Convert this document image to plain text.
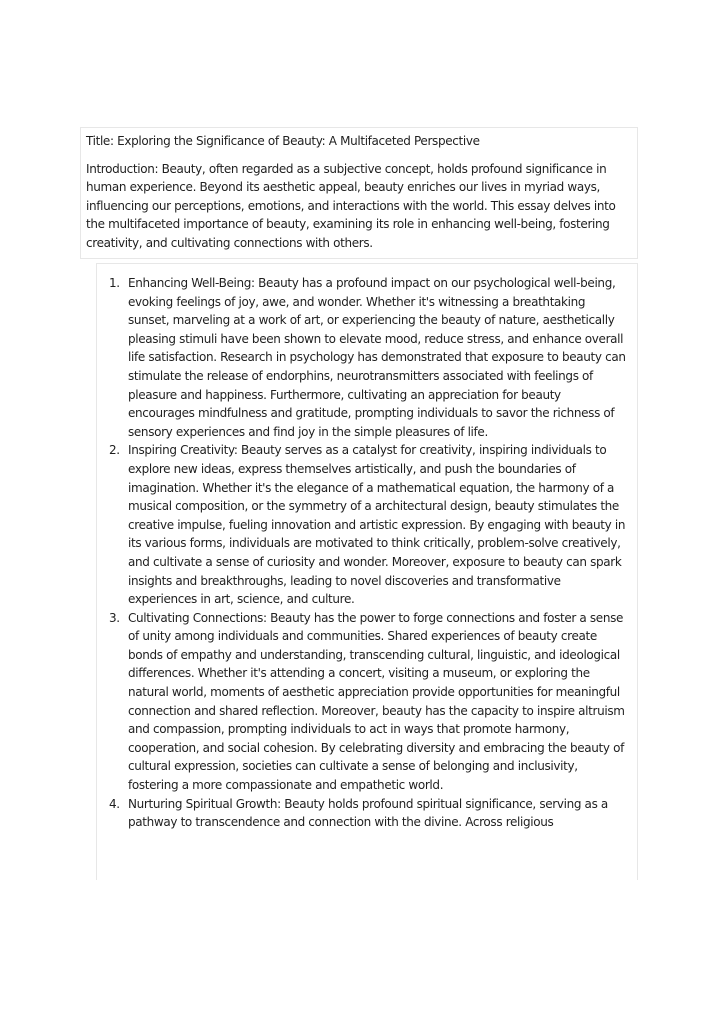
Title: Exploring the Significance of Beauty: A Multifaceted Perspective

Introduction: Beauty, often regarded as a subjective concept, holds profound significance in human experience. Beyond its aesthetic appeal, beauty enriches our lives in myriad ways, influencing our perceptions, emotions, and interactions with the world. This essay delves into the multifaceted importance of beauty, examining its role in enhancing well-being, fostering creativity, and cultivating connections with others.

1. Enhancing Well-Being: Beauty has a profound impact on our psychological well-being, evoking feelings of joy, awe, and wonder. Whether it's witnessing a breathtaking sunset, marveling at a work of art, or experiencing the beauty of nature, aesthetically pleasing stimuli have been shown to elevate mood, reduce stress, and enhance overall life satisfaction. Research in psychology has demonstrated that exposure to beauty can stimulate the release of endorphins, neurotransmitters associated with feelings of pleasure and happiness. Furthermore, cultivating an appreciation for beauty encourages mindfulness and gratitude, prompting individuals to savor the richness of sensory experiences and find joy in the simple pleasures of life.
2. Inspiring Creativity: Beauty serves as a catalyst for creativity, inspiring individuals to explore new ideas, express themselves artistically, and push the boundaries of imagination. Whether it's the elegance of a mathematical equation, the harmony of a musical composition, or the symmetry of a architectural design, beauty stimulates the creative impulse, fueling innovation and artistic expression. By engaging with beauty in its various forms, individuals are motivated to think critically, problem-solve creatively, and cultivate a sense of curiosity and wonder. Moreover, exposure to beauty can spark insights and breakthroughs, leading to novel discoveries and transformative experiences in art, science, and culture.
3. Cultivating Connections: Beauty has the power to forge connections and foster a sense of unity among individuals and communities. Shared experiences of beauty create bonds of empathy and understanding, transcending cultural, linguistic, and ideological differences. Whether it's attending a concert, visiting a museum, or exploring the natural world, moments of aesthetic appreciation provide opportunities for meaningful connection and shared reflection. Moreover, beauty has the capacity to inspire altruism and compassion, prompting individuals to act in ways that promote harmony, cooperation, and social cohesion. By celebrating diversity and embracing the beauty of cultural expression, societies can cultivate a sense of belonging and inclusivity, fostering a more compassionate and empathetic world.
4. Nurturing Spiritual Growth: Beauty holds profound spiritual significance, serving as a pathway to transcendence and connection with the divine. Across religious
